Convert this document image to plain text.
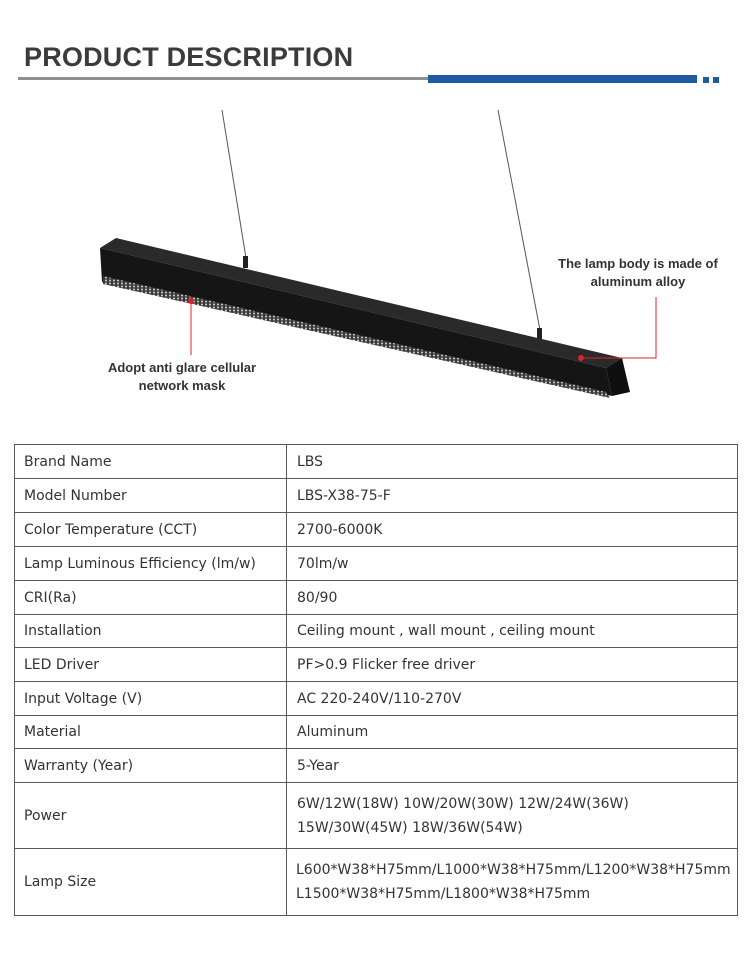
PRODUCT DESCRIPTION
Adopt anti glare cellular
network mask
The lamp body is made of
aluminum alloy
Brand Name	LBS
Model Number	LBS-X38-75-F
Color Temperature (CCT)	2700-6000K
Lamp Luminous Efficiency (lm/w)	70lm/w
CRI(Ra)	80/90
Installation	Ceiling mount , wall mount , ceiling mount
LED Driver	PF>0.9 Flicker free driver
Input Voltage (V)	AC 220-240V/110-270V
Material	Aluminum
Warranty (Year)	5-Year
Power	6W/12W(18W) 10W/20W(30W) 12W/24W(36W)
15W/30W(45W) 18W/36W(54W)

Lamp Size	L600*W38*H75mm/L1000*W38*H75mm/L1200*W38*H75mm
L1500*W38*H75mm/L1800*W38*H75mm
